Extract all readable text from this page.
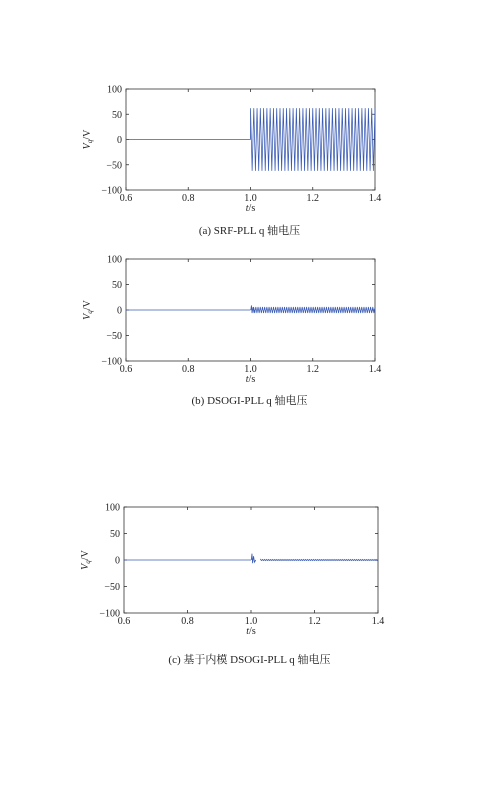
0.6	0.8	1.0	1.2	1.4
100
50
0
−50
−100
t/s
$V_q/V$
(a) SRF-PLL q 轴电压
0.6	0.8	1.0	1.2	1.4
100
50
0
−50
−100
t/s
$V_q/V$
(b) DSOGI-PLL q 轴电压
0.6	0.8	1.0	1.2	1.4
100
50
0
−50
−100
t/s
$V_q/V$
(c) 基于内模 DSOGI-PLL q 轴电压
